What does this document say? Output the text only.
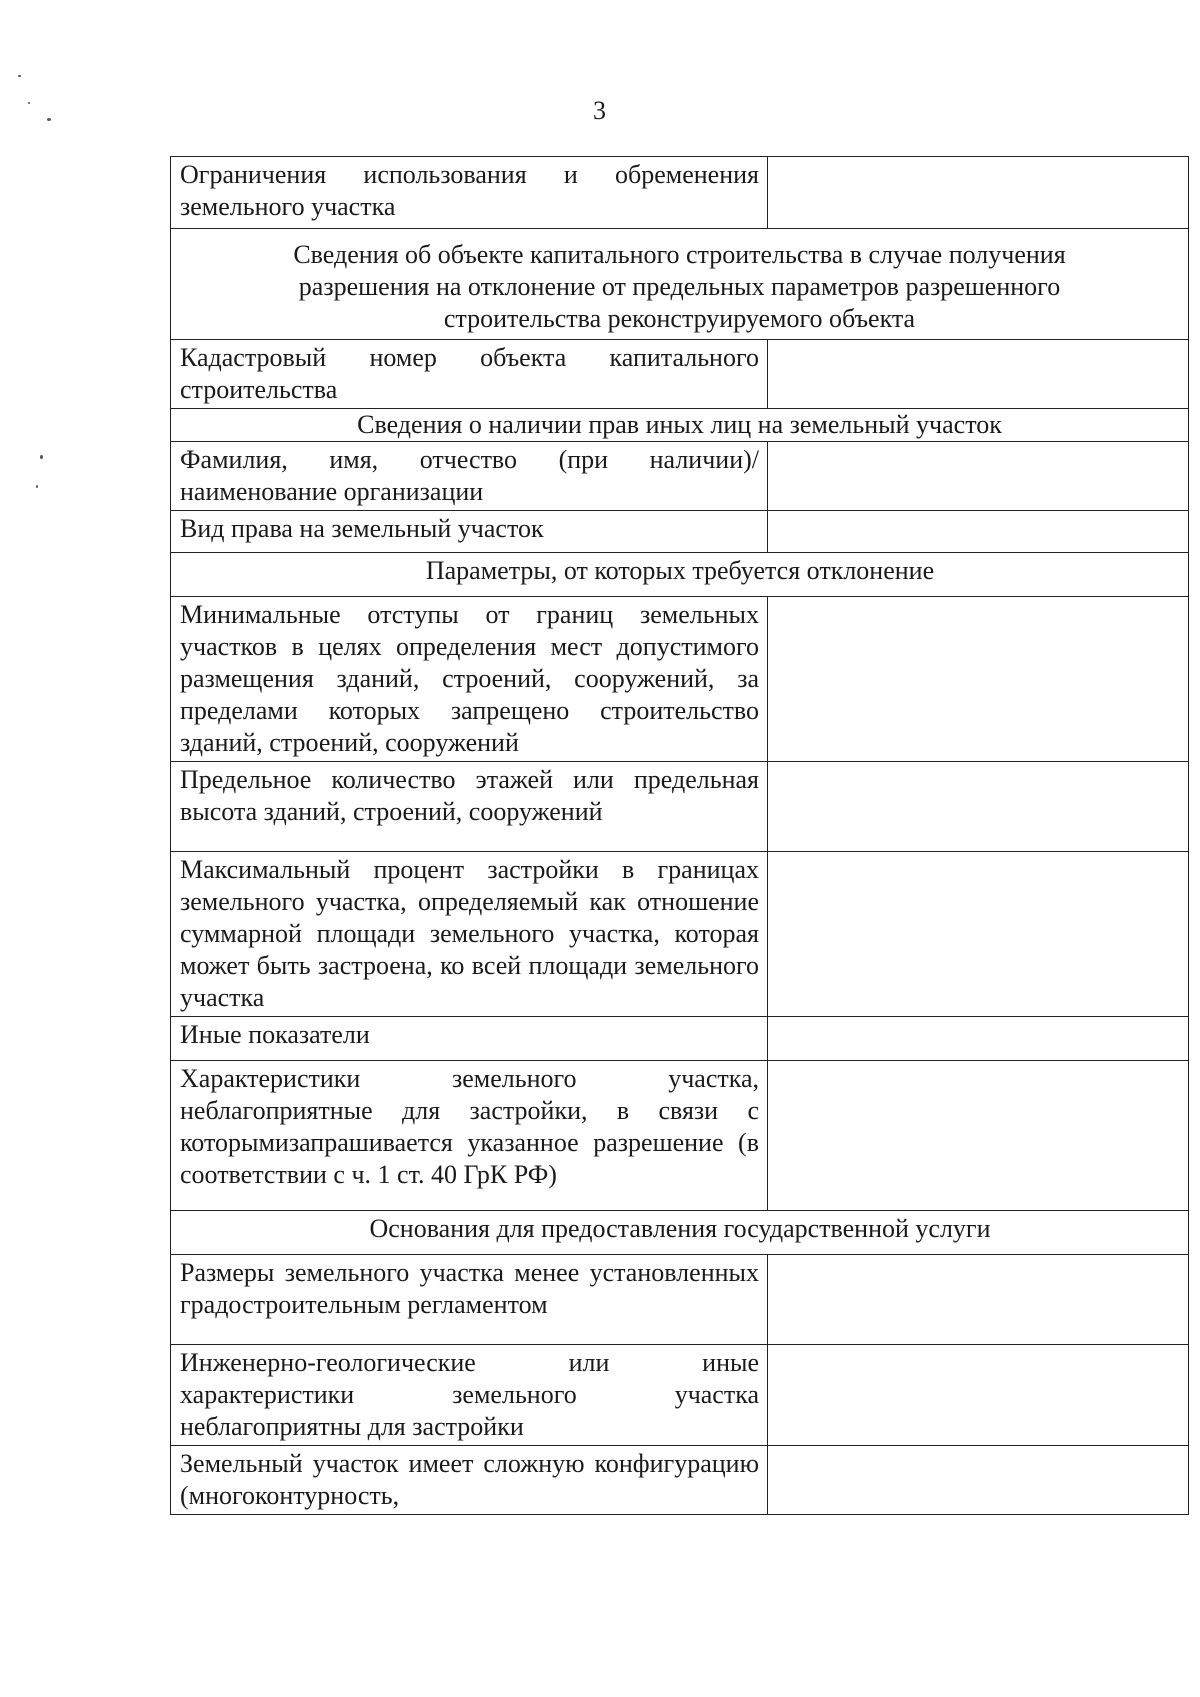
3
Ограничения использования и обременения земельного участка	
Сведения об объекте капитального строительства в случае получения разрешения на отклонение от предельных параметров разрешенного строительства реконструируемого объекта	
Кадастровый номер объекта капитального строительства	
Сведения о наличии прав иных лиц на земельный участок	
Фамилия, имя, отчество (при наличии)/наименование организации	
Вид права на земельный участок	
Параметры, от которых требуется отклонение	
Минимальные отступы от границ земельных участков в целях определения мест допустимого размещения зданий, строений, сооружений, за пределами которых запрещено строительство зданий, строений, сооружений	
Предельное количество этажей или предельная высота зданий, строений, сооружений	
Максимальный процент застройки в границах земельного участка, определяемый как отношение суммарной площади земельного участка, которая может быть застроена, ко всей площади земельного участка	
Иные показатели	
Характеристики земельного участка, неблагоприятные для застройки, в связи с которымизапрашивается указанное разрешение (в соответствии с ч. 1 ст. 40 ГрК РФ)	
Основания для предоставления государственной услуги	
Размеры земельного участка менее установленных градостроительным регламентом	
Инженерно-геологические или иные характеристики земельного участка неблагоприятны для застройки	
Земельный участок имеет сложную конфигурацию (многоконтурность,	
